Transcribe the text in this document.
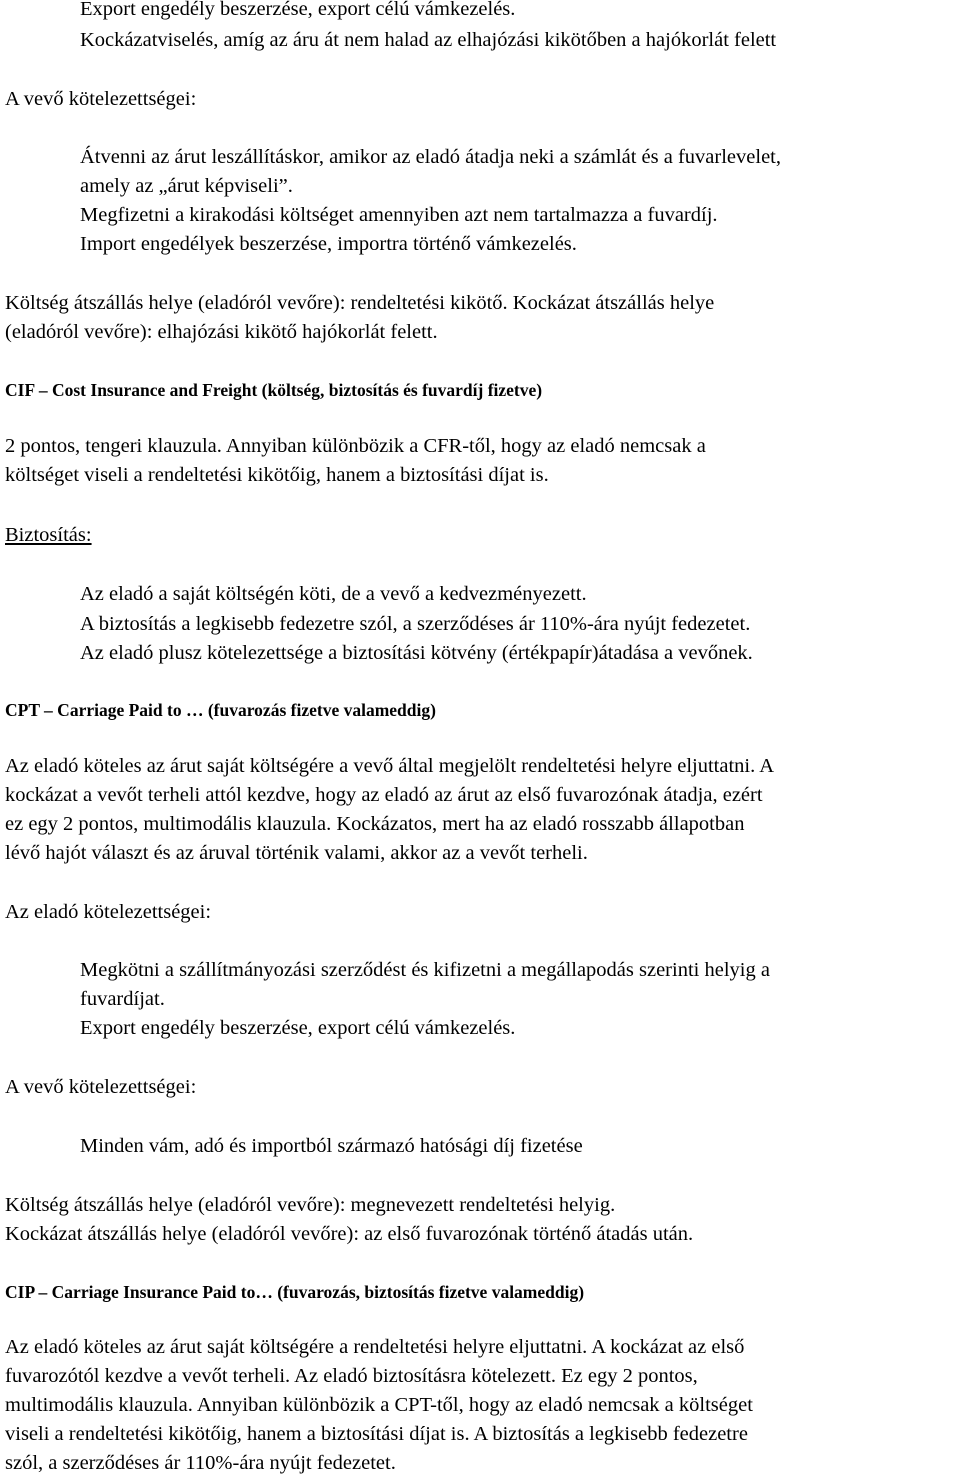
Export engedély beszerzése, export célú vámkezelés.
Kockázatviselés, amíg az áru át nem halad az elhajózási kikötőben a hajókorlát felett
A vevő kötelezettségei:
Átvenni az árut leszállításkor, amikor az eladó átadja neki a számlát és a fuvarlevelet,
amely az „árut képviseli”.
Megfizetni a kirakodási költséget amennyiben azt nem tartalmazza a fuvardíj.
Import engedélyek beszerzése, importra történő vámkezelés.
Költség átszállás helye (eladóról vevőre): rendeltetési kikötő. Kockázat átszállás helye
(eladóról vevőre): elhajózási kikötő hajókorlát felett.
CIF – Cost Insurance and Freight (költség, biztosítás és fuvardíj fizetve)
2 pontos, tengeri klauzula. Annyiban különbözik a CFR-től, hogy az eladó nemcsak a
költséget viseli a rendeltetési kikötőig, hanem a biztosítási díjat is.
Biztosítás:
Az eladó a saját költségén köti, de a vevő a kedvezményezett.
A biztosítás a legkisebb fedezetre szól, a szerződéses ár 110%-ára nyújt fedezetet.
Az eladó plusz kötelezettsége a biztosítási kötvény (értékpapír)átadása a vevőnek.
CPT – Carriage Paid to … (fuvarozás fizetve valameddig)
Az eladó köteles az árut saját költségére a vevő által megjelölt rendeltetési helyre eljuttatni. A
kockázat a vevőt terheli attól kezdve, hogy az eladó az árut az első fuvarozónak átadja, ezért
ez egy 2 pontos, multimodális klauzula. Kockázatos, mert ha az eladó rosszabb állapotban
lévő hajót választ és az áruval történik valami, akkor az a vevőt terheli.
Az eladó kötelezettségei:
Megkötni a szállítmányozási szerződést és kifizetni a megállapodás szerinti helyig a
fuvardíjat.
Export engedély beszerzése, export célú vámkezelés.
A vevő kötelezettségei:
Minden vám, adó és importból származó hatósági díj fizetése
Költség átszállás helye (eladóról vevőre): megnevezett rendeltetési helyig.
Kockázat átszállás helye (eladóról vevőre): az első fuvarozónak történő átadás után.
CIP – Carriage Insurance Paid to… (fuvarozás, biztosítás fizetve valameddig)
Az eladó köteles az árut saját költségére a rendeltetési helyre eljuttatni. A kockázat az első
fuvarozótól kezdve a vevőt terheli. Az eladó biztosításra kötelezett. Ez egy 2 pontos,
multimodális klauzula. Annyiban különbözik a CPT-től, hogy az eladó nemcsak a költséget
viseli a rendeltetési kikötőig, hanem a biztosítási díjat is. A biztosítás a legkisebb fedezetre
szól, a szerződéses ár 110%-ára nyújt fedezetet.
